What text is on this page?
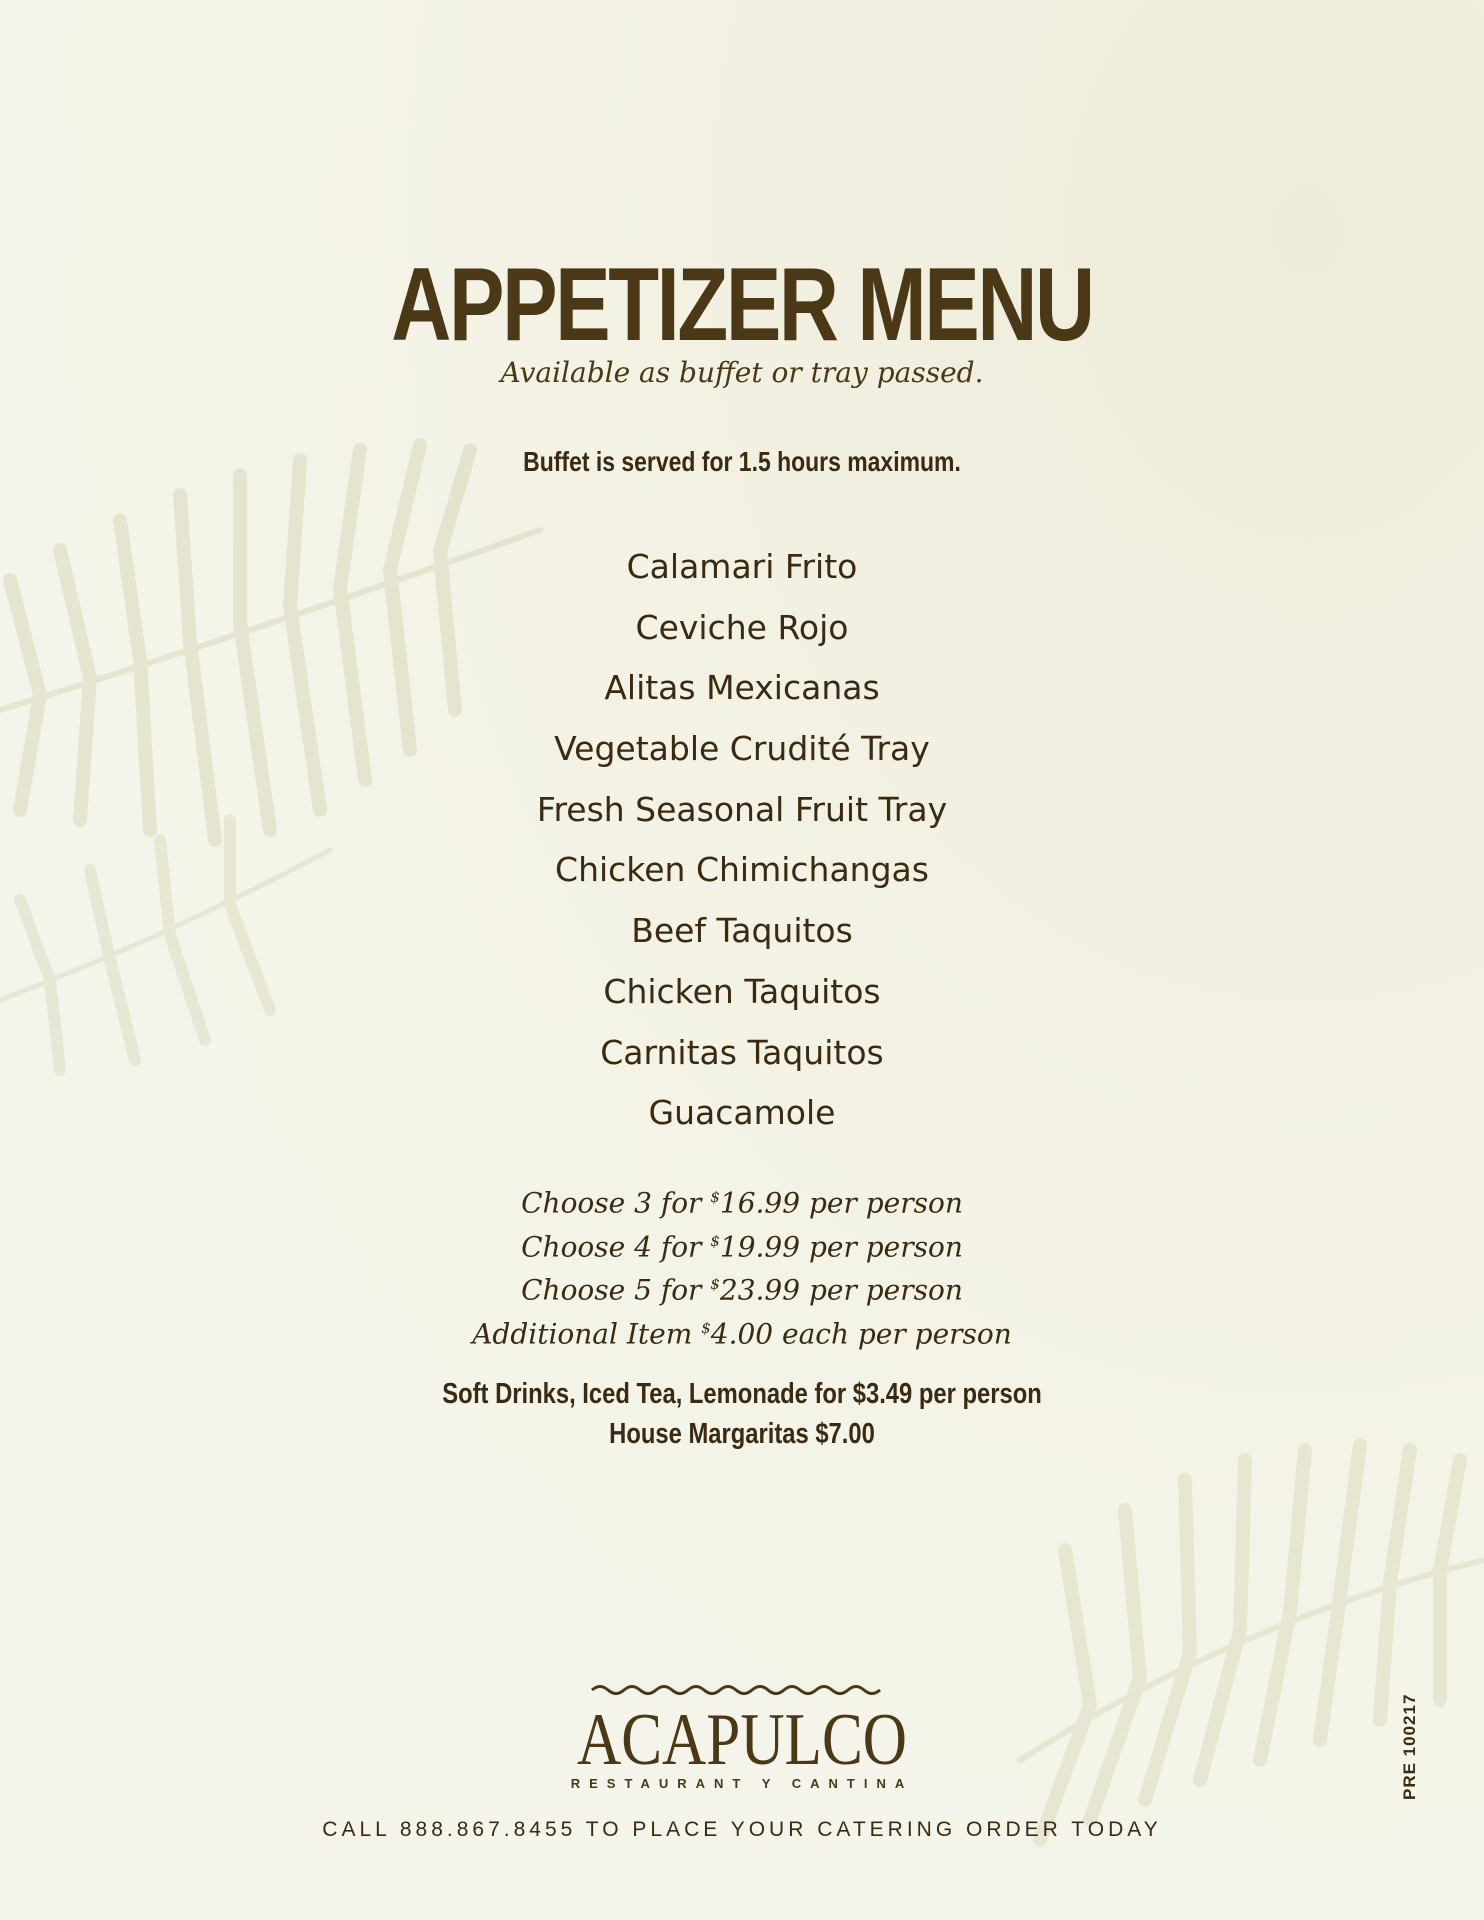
APPETIZER MENU
Available as buffet or tray passed.
Buffet is served for 1.5 hours maximum.
Calamari Frito
Ceviche Rojo
Alitas Mexicanas
Vegetable Crudité Tray
Fresh Seasonal Fruit Tray
Chicken Chimichangas
Beef Taquitos
Chicken Taquitos
Carnitas Taquitos
Guacamole
Choose 3 for $16.99 per person
Choose 4 for $19.99 per person
Choose 5 for $23.99 per person
Additional Item $4.00 each per person
Soft Drinks, Iced Tea, Lemonade for $3.49 per person
House Margaritas $7.00
ACAPULCO
RESTAURANT Y CANTINA
CALL 888.867.8455 TO PLACE YOUR CATERING ORDER TODAY
PRE 100217
